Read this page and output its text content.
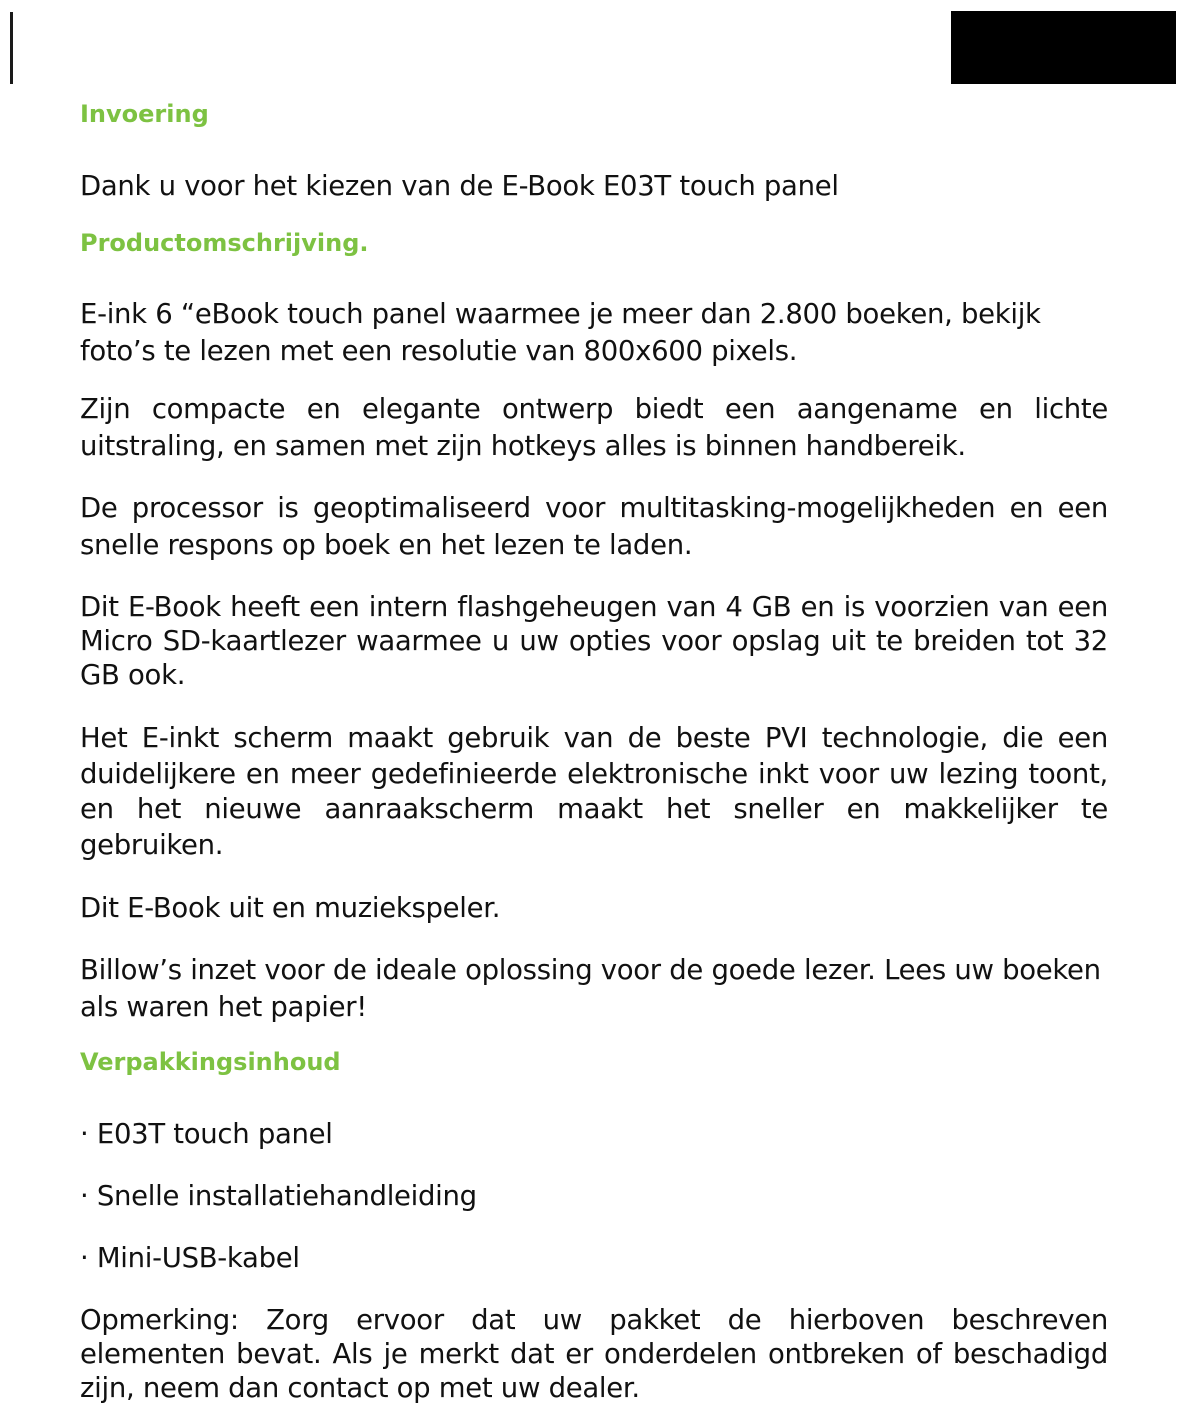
Invoering

Dank u voor het kiezen van de E-Book E03T touch panel

Productomschrijving.

E-ink 6 “eBook touch panel waarmee je meer dan 2.800 boeken, bekijk foto’s te lezen met een resolutie van 800x600 pixels.

Zijn compacte en elegante ontwerp biedt een aangename en lichte uitstraling, en samen met zijn hotkeys alles is binnen handbereik.

De processor is geoptimaliseerd voor multitasking-mogelijkheden en een snelle respons op boek en het lezen te laden.

Dit E-Book heeft een intern flashgeheugen van 4 GB en is voorzien van een Micro SD-kaartlezer waarmee u uw opties voor opslag uit te breiden tot 32 GB ook.

Het E-inkt scherm maakt gebruik van de beste PVI technologie, die een duidelijkere en meer gedefinieerde elektronische inkt voor uw lezing toont, en het nieuwe aanraakscherm maakt het sneller en makkelijker te gebruiken.

Dit E-Book uit en muziekspeler.

Billow’s inzet voor de ideale oplossing voor de goede lezer. Lees uw boeken als waren het papier!

Verpakkingsinhoud

· E03T touch panel

· Snelle installatiehandleiding

· Mini-USB-kabel

Opmerking: Zorg ervoor dat uw pakket de hierboven beschreven elementen bevat. Als je merkt dat er onderdelen ontbreken of beschadigd zijn, neem dan contact op met uw dealer.
